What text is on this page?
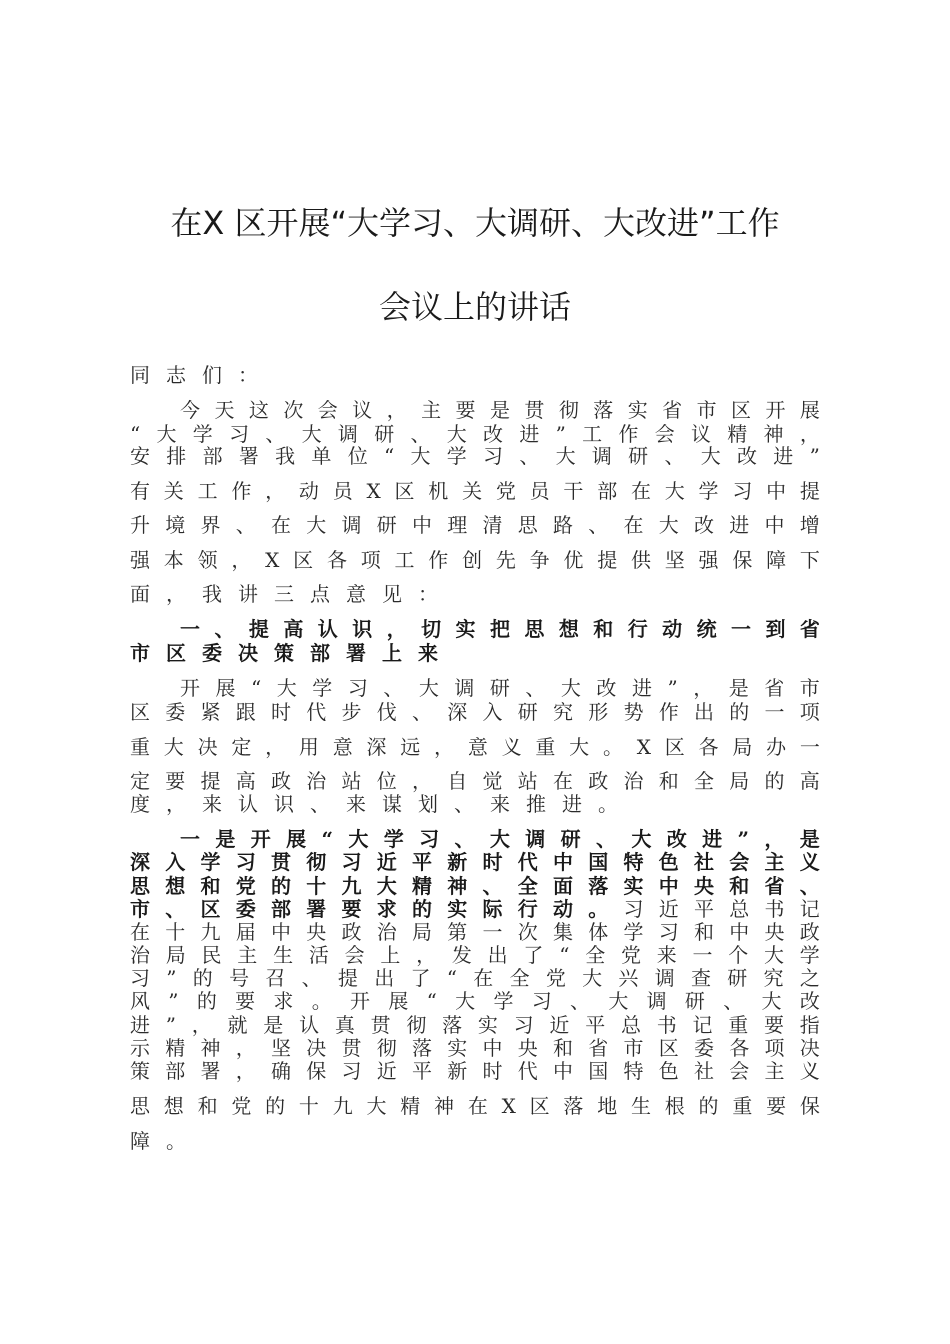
在X 区开展“大学习、大调研、大改进”工作
会议上的讲话
同 志 们 ：
今 天 这 次 会 议 ， 主 要 是 贯 彻 落 实 省 市 区 开 展
“ 大 学 习 、 大 调 研 、 大 改 进 ” 工 作 会 议 精 神 ，
安 排 部 署 我 单 位 “ 大 学 习 、 大 调 研 、 大 改 进 ”
有 关 工 作 ， 动 员 X 区 机 关 党 员 干 部 在 大 学 习 中 提
升 境 界 、 在 大 调 研 中 理 清 思 路 、 在 大 改 进 中 增
强 本 领 ， X 区 各 项 工 作 创 先 争 优 提 供 坚 强 保 障 下
面 ， 我 讲 三 点 意 见 ：
一 、 提 高 认 识 ， 切 实 把 思 想 和 行 动 统 一 到 省
市 区 委 决 策 部 署 上 来
开 展 “ 大 学 习 、 大 调 研 、 大 改 进 ” ， 是 省 市
区 委 紧 跟 时 代 步 伐 、 深 入 研 究 形 势 作 出 的 一 项
重 大 决 定 ， 用 意 深 远 ， 意 义 重 大 。 X 区 各 局 办 一
定 要 提 高 政 治 站 位 ， 自 觉 站 在 政 治 和 全 局 的 高
度 ， 来 认 识 、 来 谋 划 、 来 推 进 。
一 是 开 展 “ 大 学 习 、 大 调 研 、 大 改 进 ” ， 是
深 入 学 习 贯 彻 习 近 平 新 时 代 中 国 特 色 社 会 主 义
思 想 和 党 的 十 九 大 精 神 、 全 面 落 实 中 央 和 省 、
市 、 区 委 部 署 要 求 的 实 际 行 动 。 习 近 平 总 书 记
在 十 九 届 中 央 政 治 局 第 一 次 集 体 学 习 和 中 央 政
治 局 民 主 生 活 会 上 ， 发 出 了 “ 全 党 来 一 个 大 学
习 ” 的 号 召 、 提 出 了 “ 在 全 党 大 兴 调 查 研 究 之
风 ” 的 要 求 。 开 展 “ 大 学 习 、 大 调 研 、 大 改
进 ” ， 就 是 认 真 贯 彻 落 实 习 近 平 总 书 记 重 要 指
示 精 神 ， 坚 决 贯 彻 落 实 中 央 和 省 市 区 委 各 项 决
策 部 署 ， 确 保 习 近 平 新 时 代 中 国 特 色 社 会 主 义
思 想 和 党 的 十 九 大 精 神 在 X 区 落 地 生 根 的 重 要 保
障 。
